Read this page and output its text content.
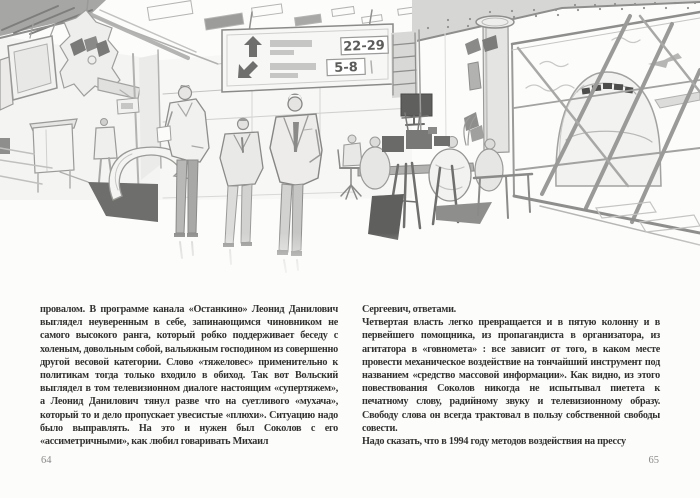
22-29
5-8

провалом. В программе канала «Останкино» Леонид Данилович выглядел неуверенным в себе, запинающимся чиновником не самого высокого ранга, который робко поддерживает беседу с холеным, довольным собой, вальяжным господином из совершенно другой весовой категории. Слово «тяжеловес» применительно к политикам тогда только входило в обиход. Так вот Вольский выглядел в том телевизионном диалоге настоящим «супертяжем», а Леонид Данилович тянул разве что на суетливого «мухача», который то и дело пропускает увесистые «плюхи». Ситуацию надо было выправлять. На это и нужен был Соколов с его «ассиметричными», как любил говаривать Михаил

Сергеевич, ответами.

Четвертая власть легко превращается и в пятую колонну и в первейшего помощника, из пропагандиста в организатора, из агитатора в «говномета» : все зависит от того, в каком месте провести механическое воздействие на тончайший инструмент под названием «средство массовой информации». Как видно, из этого повествования Соколов никогда не испытывал пиетета к печатному слову, радийному звуку и телевизионному образу. Свободу слова он всегда трактовал в пользу собственной свободы совести.

Надо сказать, что в 1994 году методов воздействия на прессу

64	65
